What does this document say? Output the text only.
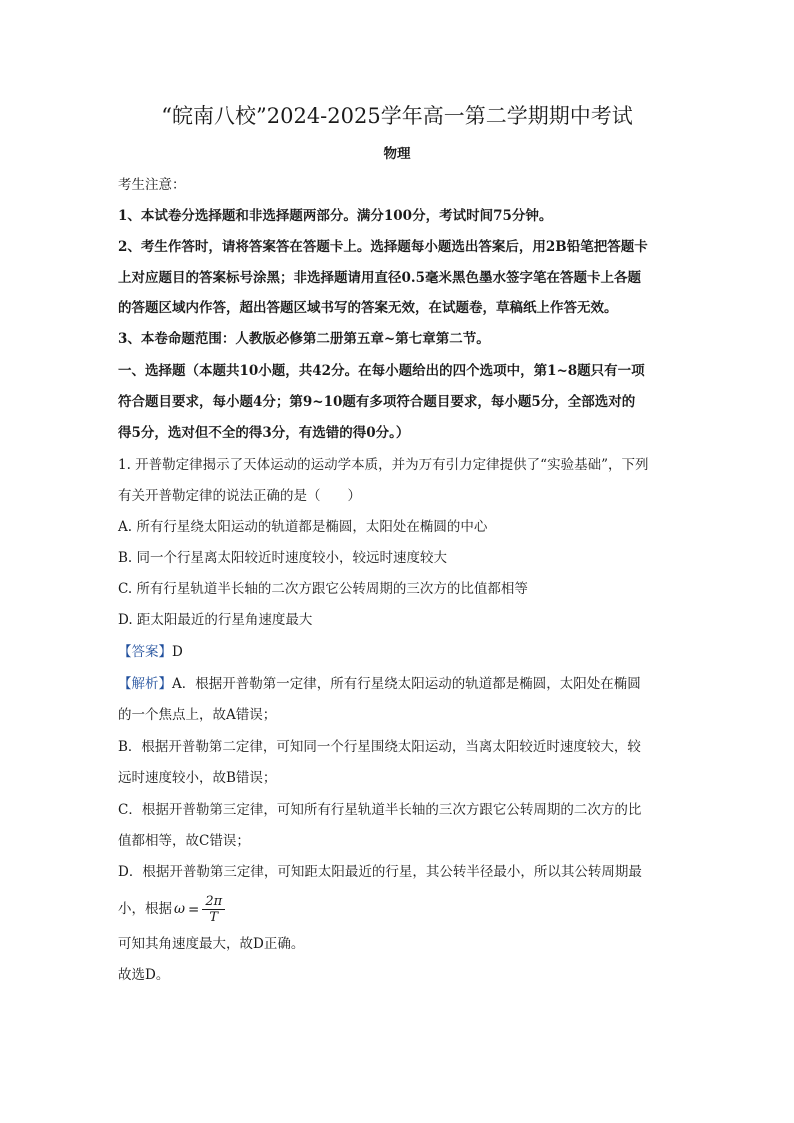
“皖南八校”2024-2025学年高一第二学期期中考试
物理
考生注意：
1、本试卷分选择题和非选择题两部分。满分100分，考试时间75分钟。
2、考生作答时，请将答案答在答题卡上。选择题每小题选出答案后，用2B铅笔把答题卡
上对应题目的答案标号涂黑；非选择题请用直径0.5毫米黑色墨水签字笔在答题卡上各题
的答题区域内作答，超出答题区域书写的答案无效，在试题卷，草稿纸上作答无效。
3、本卷命题范围：人教版必修第二册第五章~第七章第二节。
一、选择题（本题共10小题，共42分。在每小题给出的四个选项中，第1~8题只有一项
符合题目要求，每小题4分；第9~10题有多项符合题目要求，每小题5分，全部选对的
得5分，选对但不全的得3分，有选错的得0分。）
1. 开普勒定律揭示了天体运动的运动学本质，并为万有引力定律提供了“实验基础”，下列
有关开普勒定律的说法正确的是（　　）
A. 所有行星绕太阳运动的轨道都是椭圆，太阳处在椭圆的中心
B. 同一个行星离太阳较近时速度较小，较远时速度较大
C. 所有行星轨道半长轴的二次方跟它公转周期的三次方的比值都相等
D. 距太阳最近的行星角速度最大
【答案】D
【解析】A．根据开普勒第一定律，所有行星绕太阳运动的轨道都是椭圆，太阳处在椭圆
的一个焦点上，故A错误；
B．根据开普勒第二定律，可知同一个行星围绕太阳运动，当离太阳较近时速度较大，较
远时速度较小，故B错误；
C．根据开普勒第三定律，可知所有行星轨道半长轴的三次方跟它公转周期的二次方的比
值都相等，故C错误；
D．根据开普勒第三定律，可知距太阳最近的行星，其公转半径最小，所以其公转周期最
小，根据 $\omega = \frac{2\pi}{T}$
可知其角速度最大，故D正确。
故选D。
